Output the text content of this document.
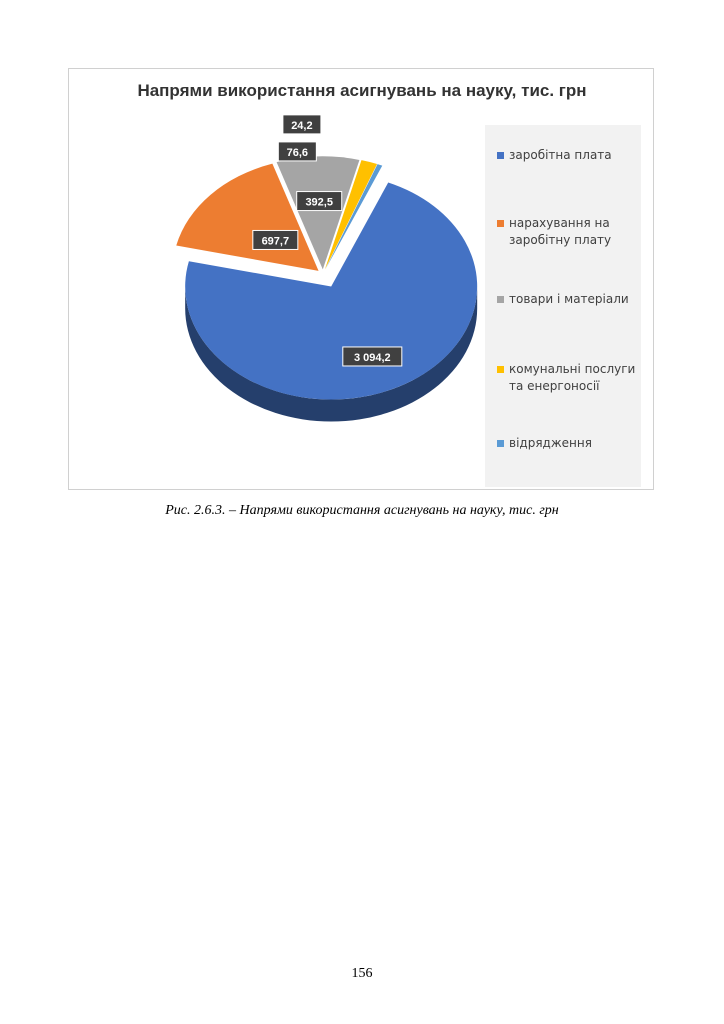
Напрями використання асигнувань на науку, тис. грн
3 094,2
697,7
392,5
76,6
24,2
заробітна плата
нарахування на заробітну плату
товари і матеріали
комунальні послуги та енергоносії
відрядження
Рис. 2.6.3. – Напрями використання асигнувань на науку, тис. грн
156
